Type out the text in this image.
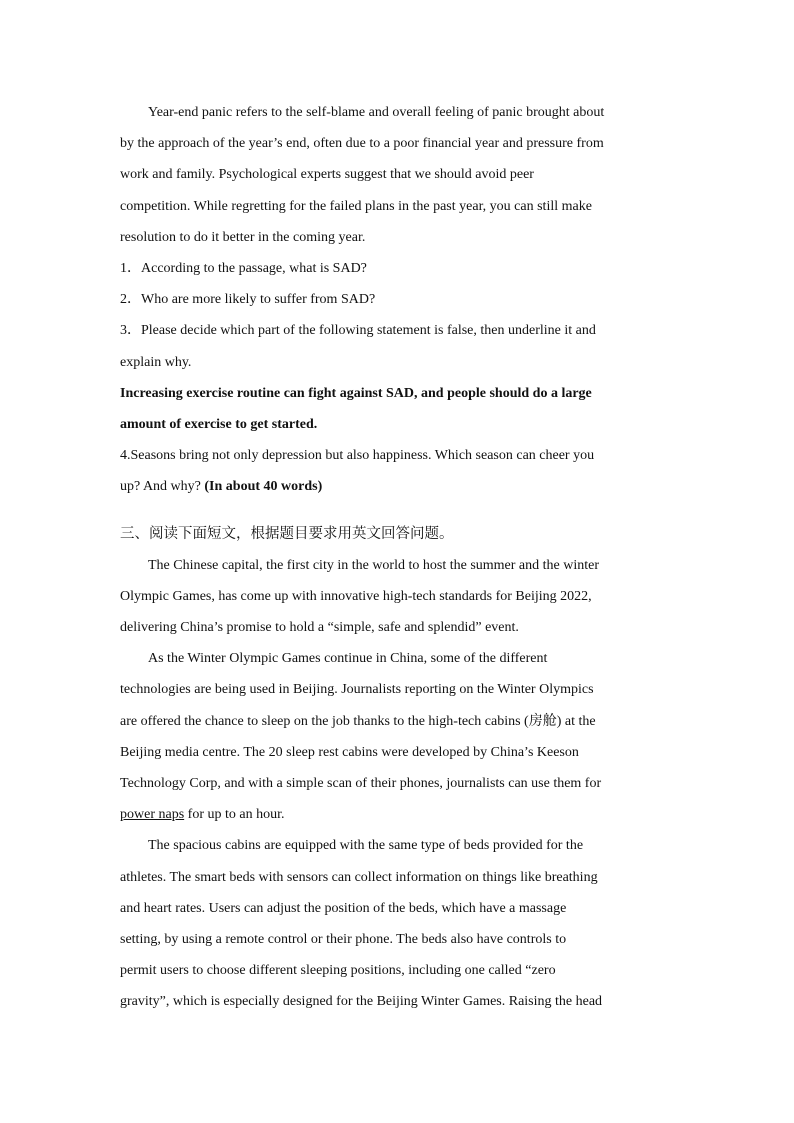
Year-end panic refers to the self-blame and overall feeling of panic brought about

by the approach of the year’s end, often due to a poor financial year and pressure from

work and family. Psychological experts suggest that we should avoid peer

competition. While regretting for the failed plans in the past year, you can still make

resolution to do it better in the coming year.

1．According to the passage, what is SAD?

2．Who are more likely to suffer from SAD?

3．Please decide which part of the following statement is false, then underline it and

explain why.

Increasing exercise routine can fight against SAD, and people should do a large

amount of exercise to get started.

4.Seasons bring not only depression but also happiness. Which season can cheer you

up? And why? (In about 40 words)

三、阅读下面短文，根据题目要求用英文回答问题。

The Chinese capital, the first city in the world to host the summer and the winter

Olympic Games, has come up with innovative high-tech standards for Beijing 2022,

delivering China’s promise to hold a “simple, safe and splendid” event.

As the Winter Olympic Games continue in China, some of the different

technologies are being used in Beijing. Journalists reporting on the Winter Olympics

are offered the chance to sleep on the job thanks to the high-tech cabins (房舱) at the

Beijing media centre. The 20 sleep rest cabins were developed by China’s Keeson

Technology Corp, and with a simple scan of their phones, journalists can use them for

power naps for up to an hour.

The spacious cabins are equipped with the same type of beds provided for the

athletes. The smart beds with sensors can collect information on things like breathing

and heart rates. Users can adjust the position of the beds, which have a massage

setting, by using a remote control or their phone. The beds also have controls to

permit users to choose different sleeping positions, including one called “zero

gravity”, which is especially designed for the Beijing Winter Games. Raising the head
